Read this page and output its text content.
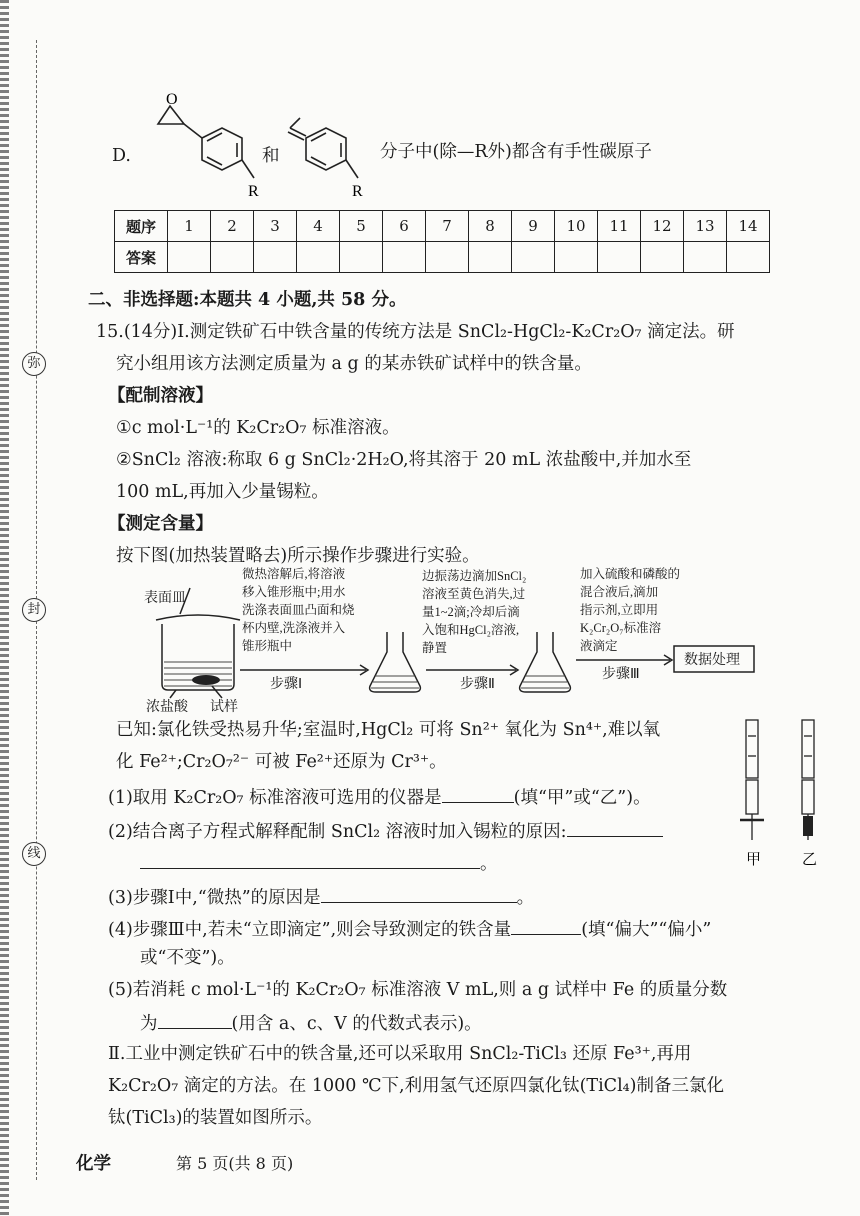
弥
封
线
D.
O
R	R
和	分子中(除—R外)都含有手性碳原子
题序	1	2	3	4	5	6	7	8	9	10	11	12	13	14
答案														
二、非选择题:本题共 4 小题,共 58 分。
15.(14分)Ⅰ.测定铁矿石中铁含量的传统方法是 SnCl₂-HgCl₂-K₂Cr₂O₇ 滴定法。研
究小组用该方法测定质量为 a g 的某赤铁矿试样中的铁含量。
【配制溶液】
①c mol·L⁻¹的 K₂Cr₂O₇ 标准溶液。
②SnCl₂ 溶液:称取 6 g SnCl₂·2H₂O,将其溶于 20 mL 浓盐酸中,并加水至
100 mL,再加入少量锡粒。
【测定含量】
按下图(加热装置略去)所示操作步骤进行实验。
表面皿
浓盐酸 试样
微热溶解后,将溶液
移入锥形瓶中;用水
洗涤表面皿凸面和烧
杯内壁,洗涤液并入
锥形瓶中
步骤Ⅰ
边振荡边滴加SnCl₂
溶液至黄色消失,过
量1~2滴;冷却后滴
入饱和HgCl₂溶液,
静置
步骤Ⅱ
加入硫酸和磷酸的
混合液后,滴加
指示剂,立即用
K₂Cr₂O₇标准溶
液滴定
步骤Ⅲ
数据处理
已知:氯化铁受热易升华;室温时,HgCl₂ 可将 Sn²⁺ 氧化为 Sn⁴⁺,难以氧
化 Fe²⁺;Cr₂O₇²⁻ 可被 Fe²⁺还原为 Cr³⁺。
(1)取用 K₂Cr₂O₇ 标准溶液可选用的仪器是	(填“甲”或“乙”)。
(2)结合离子方程式解释配制 SnCl₂ 溶液时加入锡粒的原因:
。
(3)步骤Ⅰ中,“微热”的原因是	。
(4)步骤Ⅲ中,若未“立即滴定”,则会导致测定的铁含量	(填“偏大”“偏小”
或“不变”)。
(5)若消耗 c mol·L⁻¹的 K₂Cr₂O₇ 标准溶液 V mL,则 a g 试样中 Fe 的质量分数
为	(用含 a、c、V 的代数式表示)。
甲	乙
Ⅱ.工业中测定铁矿石中的铁含量,还可以采取用 SnCl₂-TiCl₃ 还原 Fe³⁺,再用
K₂Cr₂O₇ 滴定的方法。在 1000 ℃下,利用氢气还原四氯化钛(TiCl₄)制备三氯化
钛(TiCl₃)的装置如图所示。
化学	第 5 页(共 8 页)
